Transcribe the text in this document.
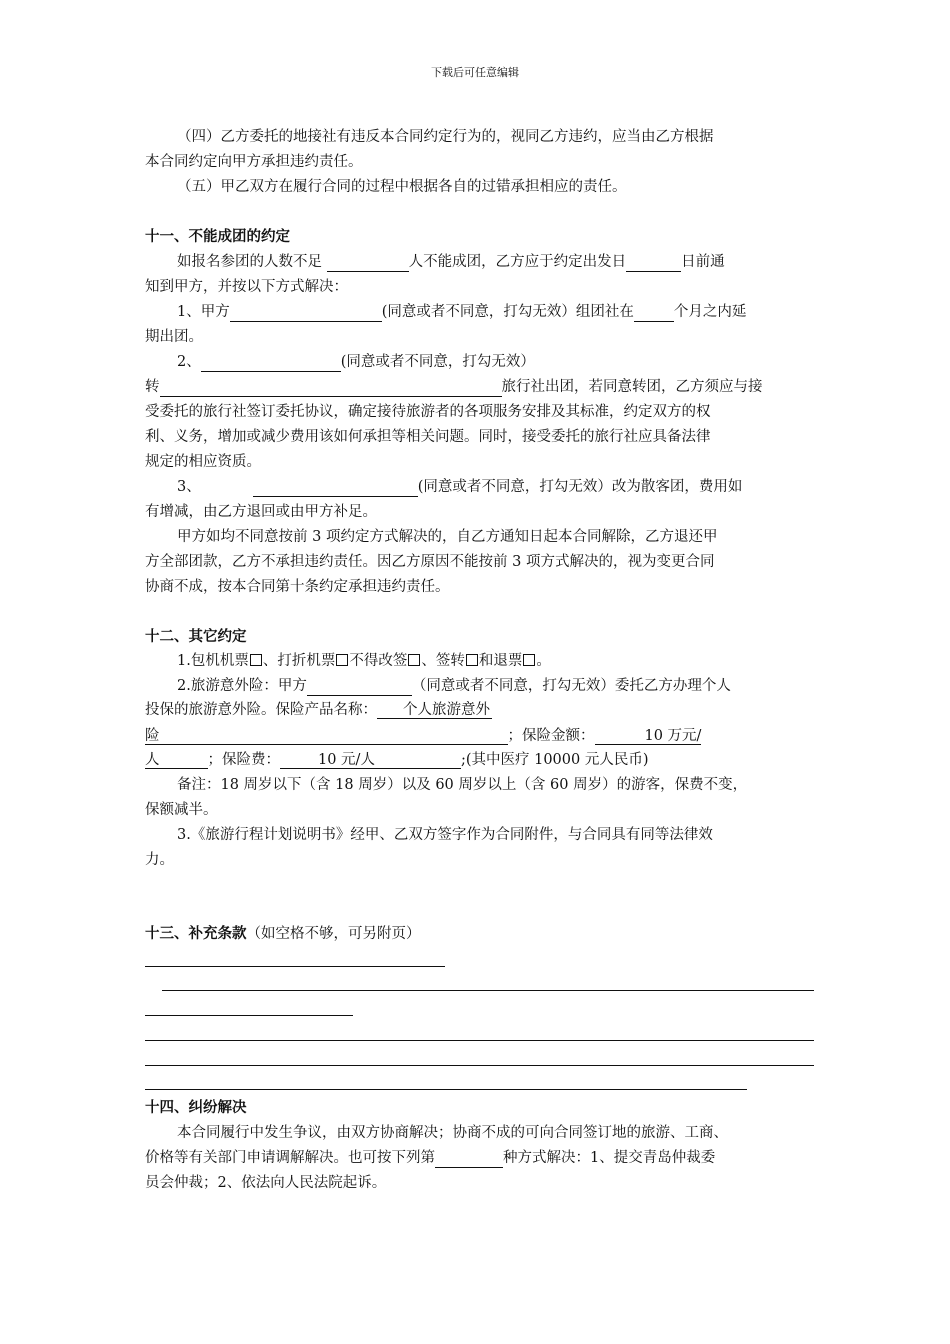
下载后可任意编辑
（四）乙方委托的地接社有违反本合同约定行为的，视同乙方违约，应当由乙方根据
本合同约定向甲方承担违约责任。
（五）甲乙双方在履行合同的过程中根据各自的过错承担相应的责任。
十一、不能成团的约定
如报名参团的人数不足	人不能成团，乙方应于约定出发日	日前通
知到甲方，并按以下方式解决：
1、甲方	(同意或者不同意，打勾无效）组团社在	个月之内延
期出团。
2、	(同意或者不同意，打勾无效）
转	旅行社出团，若同意转团，乙方须应与接
受委托的旅行社签订委托协议，确定接待旅游者的各项服务安排及其标准，约定双方的权
利、义务，增加或减少费用该如何承担等相关问题。同时，接受委托的旅行社应具备法律
规定的相应资质。
3、	(同意或者不同意，打勾无效）改为散客团，费用如
有增减，由乙方退回或由甲方补足。
甲方如均不同意按前 3 项约定方式解决的，自乙方通知日起本合同解除，乙方退还甲
方全部团款，乙方不承担违约责任。因乙方原因不能按前 3 项方式解决的，视为变更合同
协商不成，按本合同第十条约定承担违约责任。
十二、其它约定
1.包机机票 、打折机票 不得改签 、签转 和退票 。
2.旅游意外险：甲方	（同意或者不同意，打勾无效）委托乙方办理个人
投保的旅游意外险。保险产品名称： 个人旅游意外
险	；保险金额：	10 万元/
人	；保险费：	10 元/人	;(其中医疗 10000 元人民币)
备注：18 周岁以下（含 18 周岁）以及 60 周岁以上（含 60 周岁）的游客，保费不变，
保额减半。
3.《旅游行程计划说明书》经甲、乙双方签字作为合同附件，与合同具有同等法律效
力。
十三、补充条款（如空格不够，可另附页）
十四、纠纷解决
本合同履行中发生争议，由双方协商解决；协商不成的可向合同签订地的旅游、工商、
价格等有关部门申请调解解决。也可按下列第	种方式解决：1、提交青岛仲裁委
员会仲裁；2、依法向人民法院起诉。
